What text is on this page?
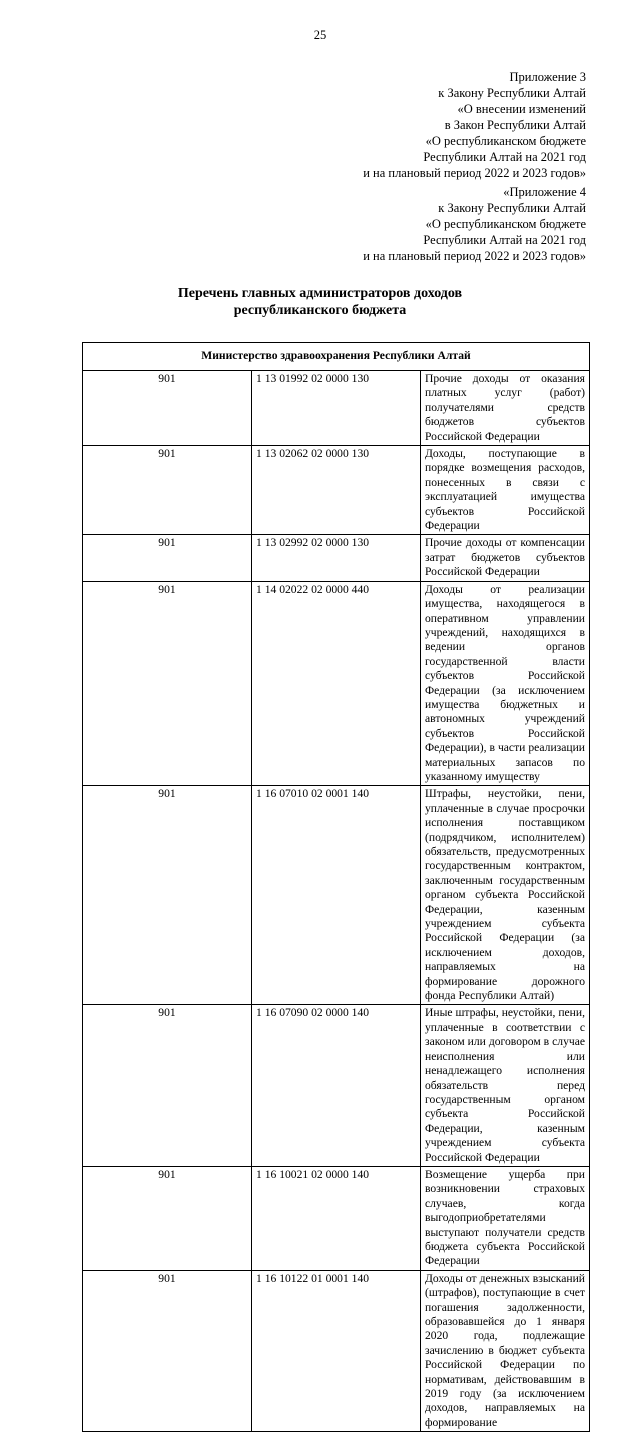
25
Приложение 3
к Закону Республики Алтай
«О внесении изменений
в Закон Республики Алтай
«О республиканском бюджете
Республики Алтай на 2021 год
и на плановый период 2022 и 2023 годов»
«Приложение 4
к Закону Республики Алтай
«О республиканском бюджете
Республики Алтай на 2021 год
и на плановый период 2022 и 2023 годов»
Перечень главных администраторов доходов
республиканского бюджета
Министерство здравоохранения Республики Алтай		
901	1 13 01992 02 0000 130	Прочие доходы от оказания платных услуг (работ) получателями средств бюджетов субъектов Российской Федерации
901	1 13 02062 02 0000 130	Доходы, поступающие в порядке возмещения расходов, понесенных в связи с эксплуатацией имущества субъектов Российской Федерации
901	1 13 02992 02 0000 130	Прочие доходы от компенсации затрат бюджетов субъектов Российской Федерации
901	1 14 02022 02 0000 440	Доходы от реализации имущества, находящегося в оперативном управлении учреждений, находящихся в ведении органов государственной власти субъектов Российской Федерации (за исключением имущества бюджетных и автономных учреждений субъектов Российской Федерации), в части реализации материальных запасов по указанному имуществу
901	1 16 07010 02 0001 140	Штрафы, неустойки, пени, уплаченные в случае просрочки исполнения поставщиком (подрядчиком, исполнителем) обязательств, предусмотренных государственным контрактом, заключенным государственным органом субъекта Российской Федерации, казенным учреждением субъекта Российской Федерации (за исключением доходов, направляемых на формирование дорожного фонда Республики Алтай)
901	1 16 07090 02 0000 140	Иные штрафы, неустойки, пени, уплаченные в соответствии с законом или договором в случае неисполнения или ненадлежащего исполнения обязательств перед государственным органом субъекта Российской Федерации, казенным учреждением субъекта Российской Федерации
901	1 16 10021 02 0000 140	Возмещение ущерба при возникновении страховых случаев, когда выгодоприобретателями выступают получатели средств бюджета субъекта Российской Федерации
901	1 16 10122 01 0001 140	Доходы от денежных взысканий (штрафов), поступающие в счет погашения задолженности, образовавшейся до 1 января 2020 года, подлежащие зачислению в бюджет субъекта Российской Федерации по нормативам, действовавшим в 2019 году (за исключением доходов, направляемых на формирование
